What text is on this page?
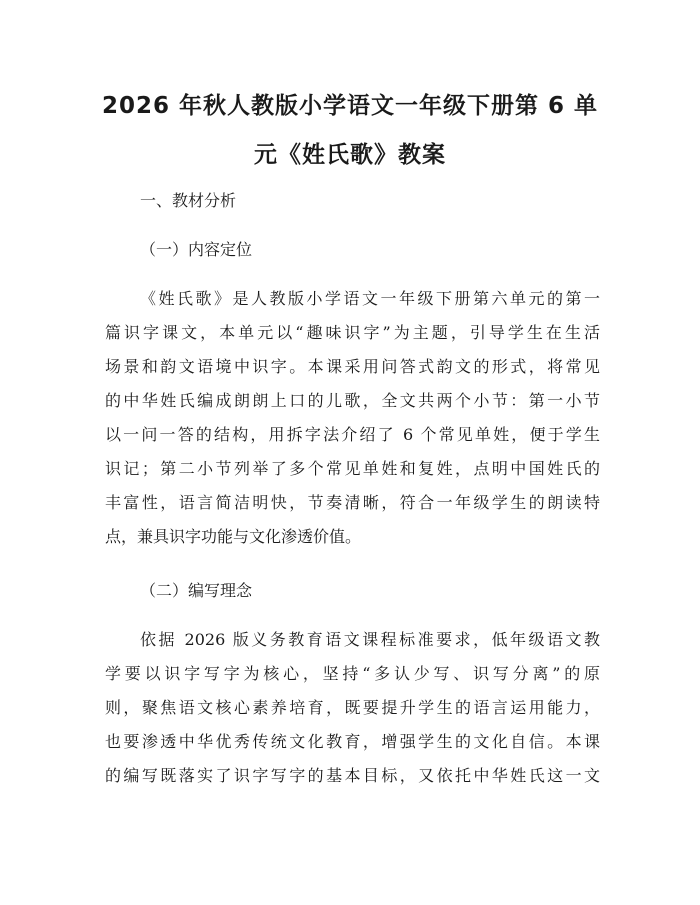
2026 年秋人教版小学语文一年级下册第 6 单
元《姓氏歌》教案
一、教材分析
（一）内容定位
《姓氏歌》是人教版小学语文一年级下册第六单元的第一
篇识字课文，本单元以“趣味识字”为主题，引导学生在生活
场景和韵文语境中识字。本课采用问答式韵文的形式，将常见
的中华姓氏编成朗朗上口的儿歌，全文共两个小节：第一小节
以一问一答的结构，用拆字法介绍了 6 个常见单姓，便于学生
识记；第二小节列举了多个常见单姓和复姓，点明中国姓氏的
丰富性，语言简洁明快，节奏清晰，符合一年级学生的朗读特
点，兼具识字功能与文化渗透价值。
（二）编写理念
依据 2026 版义务教育语文课程标准要求，低年级语文教
学要以识字写字为核心，坚持“多认少写、识写分离”的原
则，聚焦语文核心素养培育，既要提升学生的语言运用能力，
也要渗透中华优秀传统文化教育，增强学生的文化自信。本课
的编写既落实了识字写字的基本目标，又依托中华姓氏这一文
